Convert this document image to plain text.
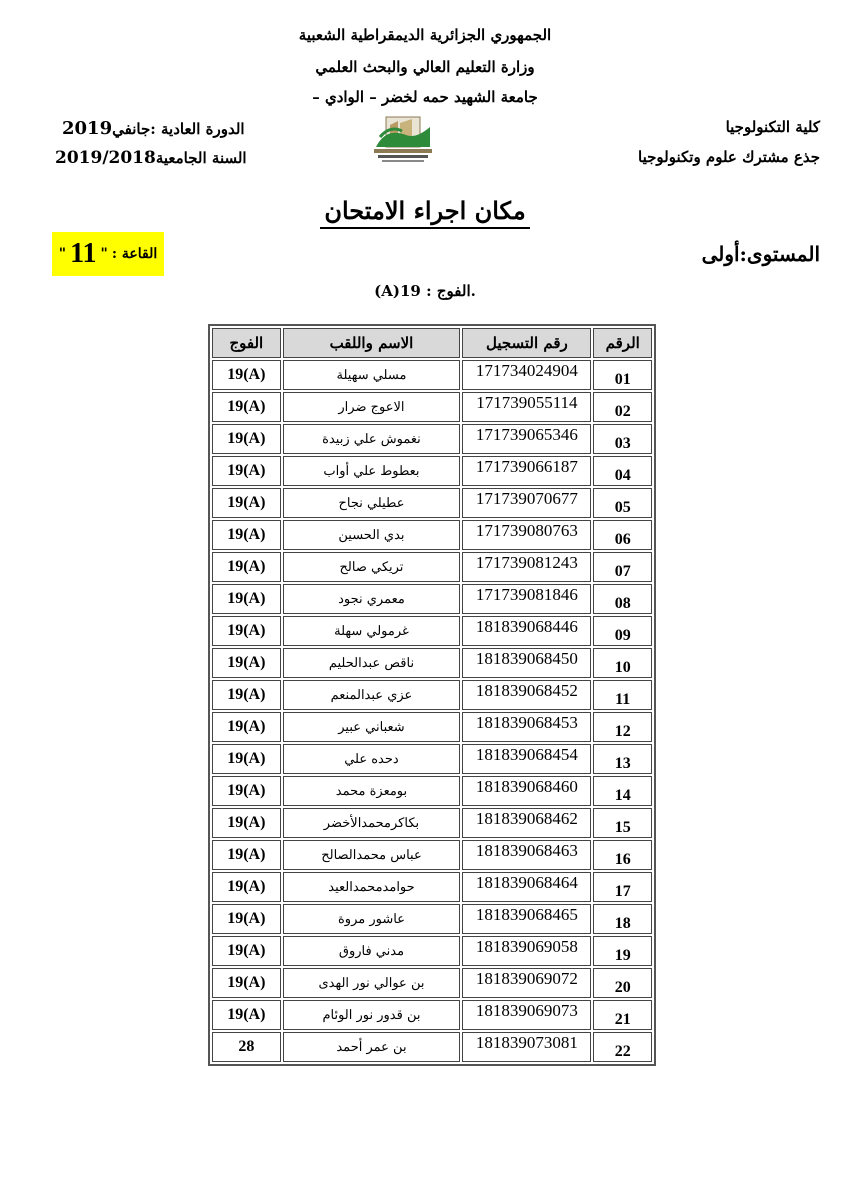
الجمهوري الجزائرية الديمقراطية الشعبية
وزارة التعليم العالي والبحث العلمي
جامعة الشهيد حمه لخضر – الوادي –
كلية التكنولوجيا
جذع مشترك علوم وتكنولوجيا
الدورة العادية :جانفي2019
السنة الجامعية2019/2018
مكان اجراء الامتحان
القاعة :
"
11
"	المستوى:أولى
.الفوج : 19(A)
الرقم	رقم التسجيل	الاسم واللقب	الفوج
01	171734024904	مسلي سهيلة	19(A)
02	171739055114	الاعوج ضرار	19(A)
03	171739065346	نغموش علي زبيدة	19(A)
04	171739066187	بعطوط علي أواب	19(A)
05	171739070677	عطيلي نجاح	19(A)
06	171739080763	بدي الحسين	19(A)
07	171739081243	تريكي صالح	19(A)
08	171739081846	معمري نجود	19(A)
09	181839068446	غرمولي سهلة	19(A)
10	181839068450	ناقص عبدالحليم	19(A)
11	181839068452	عزي عبدالمنعم	19(A)
12	181839068453	شعباني عبير	19(A)
13	181839068454	دحده علي	19(A)
14	181839068460	بومعزة محمد	19(A)
15	181839068462	بكاكرمحمدالأخضر	19(A)
16	181839068463	عباس محمدالصالح	19(A)
17	181839068464	حوامدمحمدالعيد	19(A)
18	181839068465	عاشور مروة	19(A)
19	181839069058	مدني فاروق	19(A)
20	181839069072	بن عوالي نور الهدى	19(A)
21	181839069073	بن قدور نور الوئام	19(A)
22	181839073081	بن عمر أحمد	28
